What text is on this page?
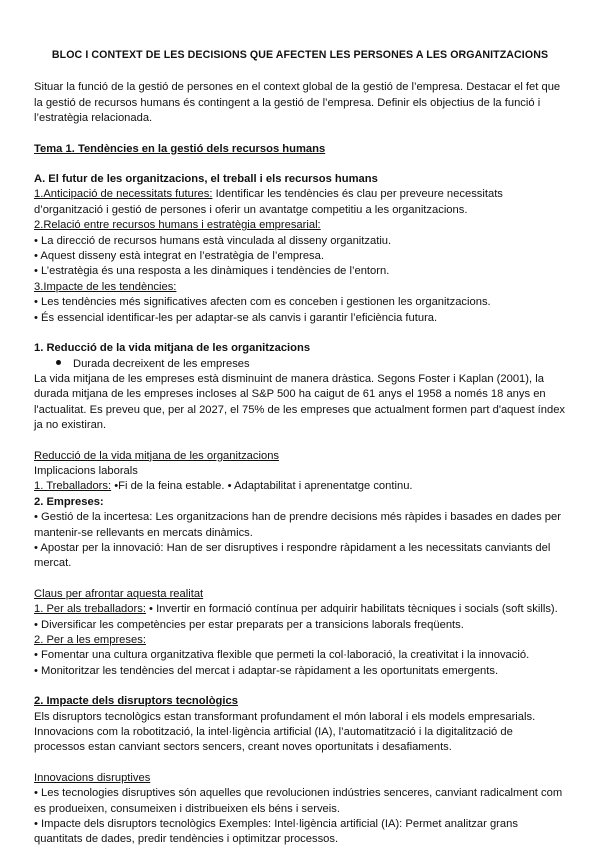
BLOC I CONTEXT DE LES DECISIONS QUE AFECTEN LES PERSONES A LES ORGANITZACIONS

Situar la funció de la gestió de persones en el context global de la gestió de l’empresa. Destacar el fet que

la gestió de recursos humans és contingent a la gestió de l’empresa. Definir els objectius de la funció i

l’estratègia relacionada.

Tema 1. Tendències en la gestió dels recursos humans

A. El futur de les organitzacions, el treball i els recursos humans

1.Anticipació de necessitats futures: Identificar les tendències és clau per preveure necessitats

d’organització i gestió de persones i oferir un avantatge competitiu a les organitzacions.

2.Relació entre recursos humans i estratègia empresarial:

• La direcció de recursos humans està vinculada al disseny organitzatiu.

• Aquest disseny està integrat en l’estratègia de l’empresa.

• L’estratègia és una resposta a les dinàmiques i tendències de l’entorn.

3.Impacte de les tendències:

• Les tendències més significatives afecten com es conceben i gestionen les organitzacions.

• És essencial identificar-les per adaptar-se als canvis i garantir l’eficiència futura.

1. Reducció de la vida mitjana de les organitzacions

Durada decreixent de les empreses

La vida mitjana de les empreses està disminuint de manera dràstica. Segons Foster i Kaplan (2001), la

durada mitjana de les empreses incloses al S&P 500 ha caigut de 61 anys el 1958 a només 18 anys en

l'actualitat. Es preveu que, per al 2027, el 75% de les empreses que actualment formen part d'aquest índex

ja no existiran.

Reducció de la vida mitjana de les organitzacions

Implicacions laborals

1. Treballadors: •Fi de la feina estable. • Adaptabilitat i aprenentatge continu.

2. Empreses:

• Gestió de la incertesa: Les organitzacions han de prendre decisions més ràpides i basades en dades per

mantenir-se rellevants en mercats dinàmics.

• Apostar per la innovació: Han de ser disruptives i respondre ràpidament a les necessitats canviants del

mercat.

Claus per afrontar aquesta realitat

1. Per als treballadors: • Invertir en formació contínua per adquirir habilitats tècniques i socials (soft skills).

• Diversificar les competències per estar preparats per a transicions laborals freqüents.

2. Per a les empreses:

• Fomentar una cultura organitzativa flexible que permeti la col·laboració, la creativitat i la innovació.

• Monitoritzar les tendències del mercat i adaptar-se ràpidament a les oportunitats emergents.

2. Impacte dels disruptors tecnològics

Els disruptors tecnològics estan transformant profundament el món laboral i els models empresarials.

Innovacions com la robotització, la intel·ligència artificial (IA), l’automatització i la digitalització de

processos estan canviant sectors sencers, creant noves oportunitats i desafiaments.

Innovacions disruptives

• Les tecnologies disruptives són aquelles que revolucionen indústries senceres, canviant radicalment com

es produeixen, consumeixen i distribueixen els béns i serveis.

• Impacte dels disruptors tecnològics Exemples: Intel·ligència artificial (IA): Permet analitzar grans

quantitats de dades, predir tendències i optimitzar processos.
